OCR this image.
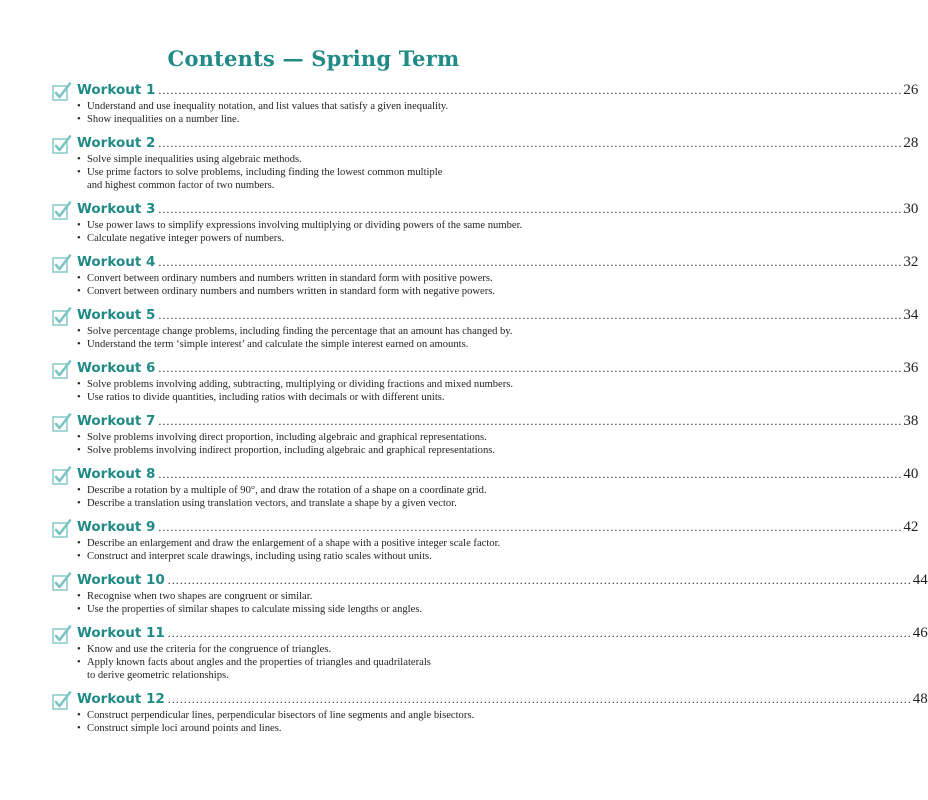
Contents — Spring Term
Workout 1 .......................................................................................................................................................................................... 26
• Understand and use inequality notation, and list values that satisfy a given inequality.
• Show inequalities on a number line.
Workout 2 .......................................................................................................................................................................................... 28
• Solve simple inequalities using algebraic methods.
• Use prime factors to solve problems, including finding the lowest common multiple
and highest common factor of two numbers.
Workout 3 .......................................................................................................................................................................................... 30
• Use power laws to simplify expressions involving multiplying or dividing powers of the same number.
• Calculate negative integer powers of numbers.
Workout 4 .......................................................................................................................................................................................... 32
• Convert between ordinary numbers and numbers written in standard form with positive powers.
• Convert between ordinary numbers and numbers written in standard form with negative powers.
Workout 5 .......................................................................................................................................................................................... 34
• Solve percentage change problems, including finding the percentage that an amount has changed by.
• Understand the term ‘simple interest’ and calculate the simple interest earned on amounts.
Workout 6 .......................................................................................................................................................................................... 36
• Solve problems involving adding, subtracting, multiplying or dividing fractions and mixed numbers.
• Use ratios to divide quantities, including ratios with decimals or with different units.
Workout 7 .......................................................................................................................................................................................... 38
• Solve problems involving direct proportion, including algebraic and graphical representations.
• Solve problems involving indirect proportion, including algebraic and graphical representations.
Workout 8 .......................................................................................................................................................................................... 40
• Describe a rotation by a multiple of 90°, and draw the rotation of a shape on a coordinate grid.
• Describe a translation using translation vectors, and translate a shape by a given vector.
Workout 9 .......................................................................................................................................................................................... 42
• Describe an enlargement and draw the enlargement of a shape with a positive integer scale factor.
• Construct and interpret scale drawings, including using ratio scales without units.
Workout 10 .......................................................................................................................................................................................... 44
• Recognise when two shapes are congruent or similar.
• Use the properties of similar shapes to calculate missing side lengths or angles.
Workout 11 .......................................................................................................................................................................................... 46
• Know and use the criteria for the congruence of triangles.
• Apply known facts about angles and the properties of triangles and quadrilaterals
to derive geometric relationships.
Workout 12 .......................................................................................................................................................................................... 48
• Construct perpendicular lines, perpendicular bisectors of line segments and angle bisectors.
• Construct simple loci around points and lines.
